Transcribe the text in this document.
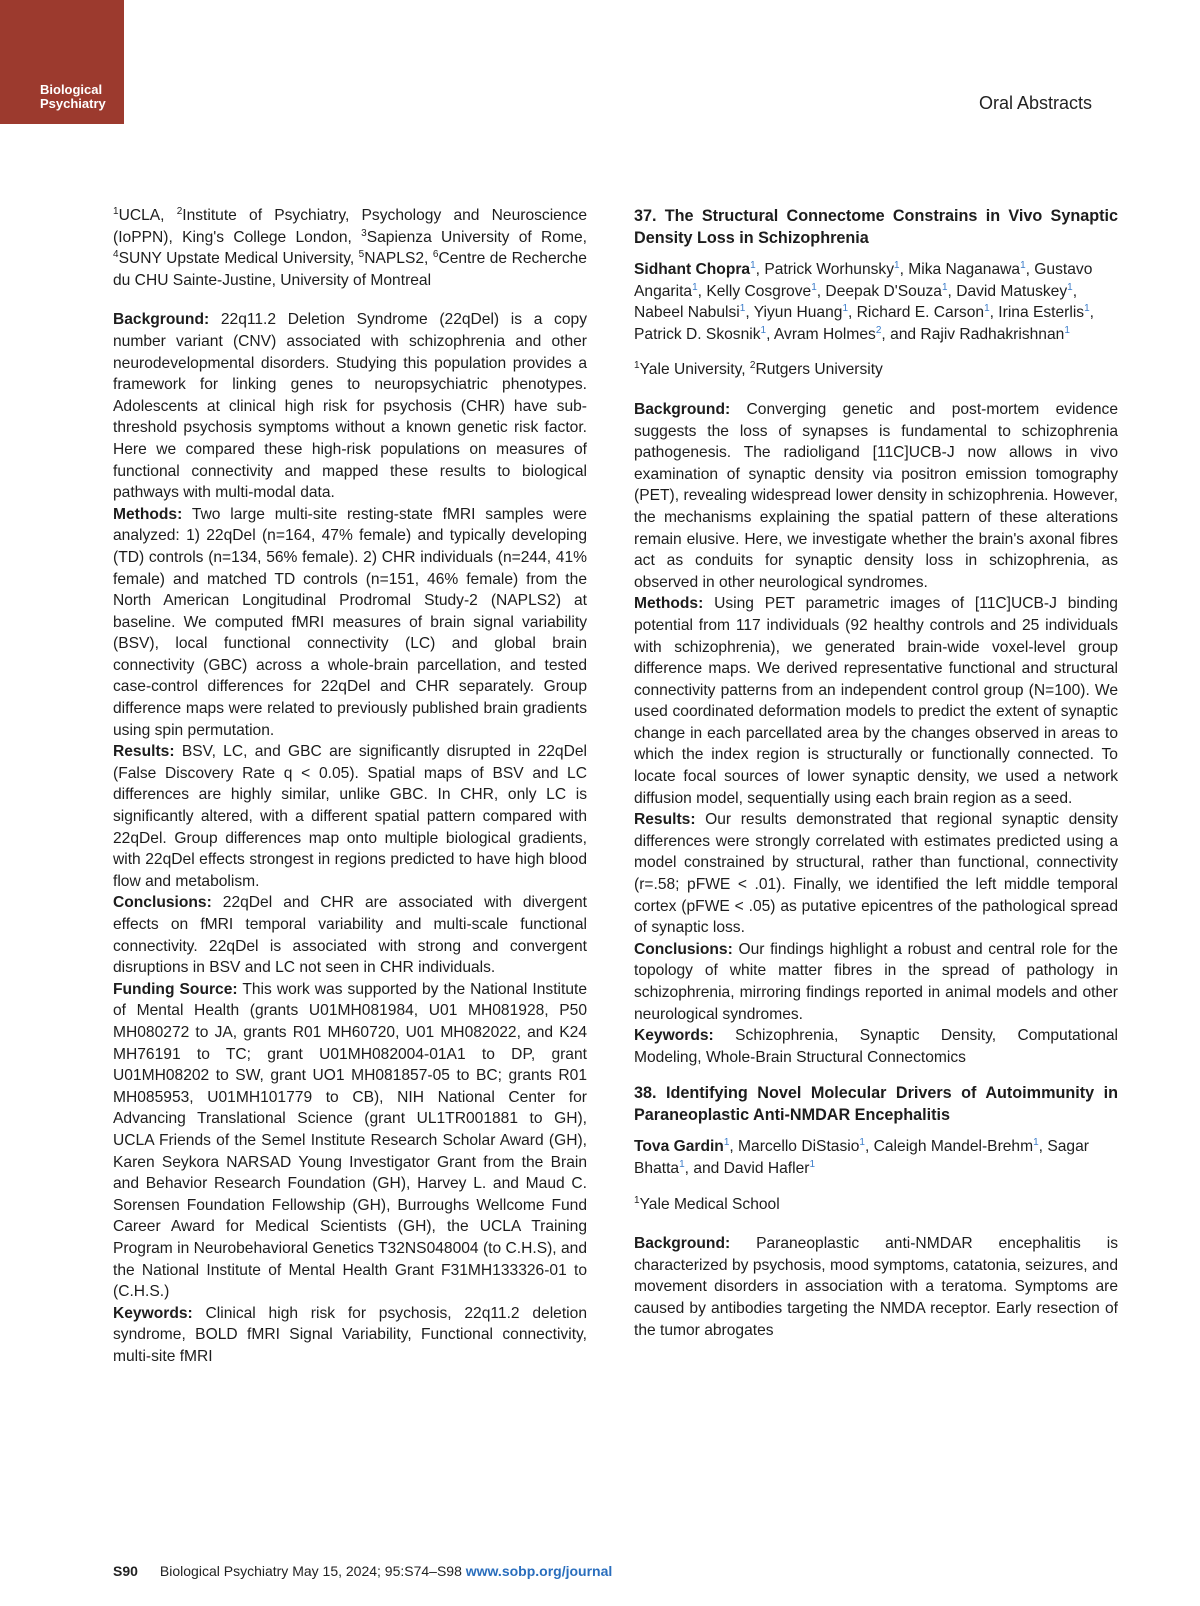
Biological
Psychiatry	Oral Abstracts
$^1$UCLA, $^2$Institute of Psychiatry, Psychology and Neuroscience (IoPPN), King's College London, $^3$Sapienza University of Rome, $^4$SUNY Upstate Medical University, $^5$NAPLS2, $^6$Centre de Recherche du CHU Sainte-Justine, University of Montreal

Background: 22q11.2 Deletion Syndrome (22qDel) is a copy number variant (CNV) associated with schizophrenia and other neurodevelopmental disorders. Studying this population provides a framework for linking genes to neuropsychiatric phenotypes. Adolescents at clinical high risk for psychosis (CHR) have sub-threshold psychosis symptoms without a known genetic risk factor. Here we compared these high-risk populations on measures of functional connectivity and mapped these results to biological pathways with multi-modal data.

Methods: Two large multi-site resting-state fMRI samples were analyzed: 1) 22qDel (n=164, 47% female) and typically developing (TD) controls (n=134, 56% female). 2) CHR individuals (n=244, 41% female) and matched TD controls (n=151, 46% female) from the North American Longitudinal Prodromal Study-2 (NAPLS2) at baseline. We computed fMRI measures of brain signal variability (BSV), local functional connectivity (LC) and global brain connectivity (GBC) across a whole-brain parcellation, and tested case-control differences for 22qDel and CHR separately. Group difference maps were related to previously published brain gradients using spin permutation.

Results: BSV, LC, and GBC are significantly disrupted in 22qDel (False Discovery Rate q < 0.05). Spatial maps of BSV and LC differences are highly similar, unlike GBC. In CHR, only LC is significantly altered, with a different spatial pattern compared with 22qDel. Group differences map onto multiple biological gradients, with 22qDel effects strongest in regions predicted to have high blood flow and metabolism.

Conclusions: 22qDel and CHR are associated with divergent effects on fMRI temporal variability and multi-scale functional connectivity. 22qDel is associated with strong and convergent disruptions in BSV and LC not seen in CHR individuals.

Funding Source: This work was supported by the National Institute of Mental Health (grants U01MH081984, U01 MH081928, P50 MH080272 to JA, grants R01 MH60720, U01 MH082022, and K24 MH76191 to TC; grant U01MH082004-01A1 to DP, grant U01MH08202 to SW, grant UO1 MH081857-05 to BC; grants R01 MH085953, U01MH101779 to CB), NIH National Center for Advancing Translational Science (grant UL1TR001881 to GH), UCLA Friends of the Semel Institute Research Scholar Award (GH), Karen Seykora NARSAD Young Investigator Grant from the Brain and Behavior Research Foundation (GH), Harvey L. and Maud C. Sorensen Foundation Fellowship (GH), Burroughs Wellcome Fund Career Award for Medical Scientists (GH), the UCLA Training Program in Neurobehavioral Genetics T32NS048004 (to C.H.S), and the National Institute of Mental Health Grant F31MH133326-01 to (C.H.S.)

Keywords: Clinical high risk for psychosis, 22q11.2 deletion syndrome, BOLD fMRI Signal Variability, Functional connectivity, multi-site fMRI

37. The Structural Connectome Constrains in Vivo Synaptic Density Loss in Schizophrenia
Sidhant Chopra$^1$, Patrick Worhunsky$^1$, Mika Naganawa$^1$, Gustavo Angarita$^1$, Kelly Cosgrove$^1$, Deepak D'Souza$^1$, David Matuskey$^1$, Nabeel Nabulsi$^1$, Yiyun Huang$^1$, Richard E. Carson$^1$, Irina Esterlis$^1$, Patrick D. Skosnik$^1$, Avram Holmes$^2$, and Rajiv Radhakrishnan$^1$
$^1$Yale University, $^2$Rutgers University

Background: Converging genetic and post-mortem evidence suggests the loss of synapses is fundamental to schizophrenia pathogenesis. The radioligand [11C]UCB-J now allows in vivo examination of synaptic density via positron emission tomography (PET), revealing widespread lower density in schizophrenia. However, the mechanisms explaining the spatial pattern of these alterations remain elusive. Here, we investigate whether the brain's axonal fibres act as conduits for synaptic density loss in schizophrenia, as observed in other neurological syndromes.

Methods: Using PET parametric images of [11C]UCB-J binding potential from 117 individuals (92 healthy controls and 25 individuals with schizophrenia), we generated brain-wide voxel-level group difference maps. We derived representative functional and structural connectivity patterns from an independent control group (N=100). We used coordinated deformation models to predict the extent of synaptic change in each parcellated area by the changes observed in areas to which the index region is structurally or functionally connected. To locate focal sources of lower synaptic density, we used a network diffusion model, sequentially using each brain region as a seed.

Results: Our results demonstrated that regional synaptic density differences were strongly correlated with estimates predicted using a model constrained by structural, rather than functional, connectivity (r=.58; pFWE < .01). Finally, we identified the left middle temporal cortex (pFWE < .05) as putative epicentres of the pathological spread of synaptic loss.

Conclusions: Our findings highlight a robust and central role for the topology of white matter fibres in the spread of pathology in schizophrenia, mirroring findings reported in animal models and other neurological syndromes.

Keywords: Schizophrenia, Synaptic Density, Computational Modeling, Whole-Brain Structural Connectomics

38. Identifying Novel Molecular Drivers of Autoimmunity in Paraneoplastic Anti-NMDAR Encephalitis
Tova Gardin$^1$, Marcello DiStasio$^1$, Caleigh Mandel-Brehm$^1$, Sagar Bhatta$^1$, and David Hafler$^1$
$^1$Yale Medical School

Background: Paraneoplastic anti-NMDAR encephalitis is characterized by psychosis, mood symptoms, catatonia, seizures, and movement disorders in association with a teratoma. Symptoms are caused by antibodies targeting the NMDA receptor. Early resection of the tumor abrogates

S90 Biological Psychiatry May 15, 2024; 95:S74–S98 www.sobp.org/journal
